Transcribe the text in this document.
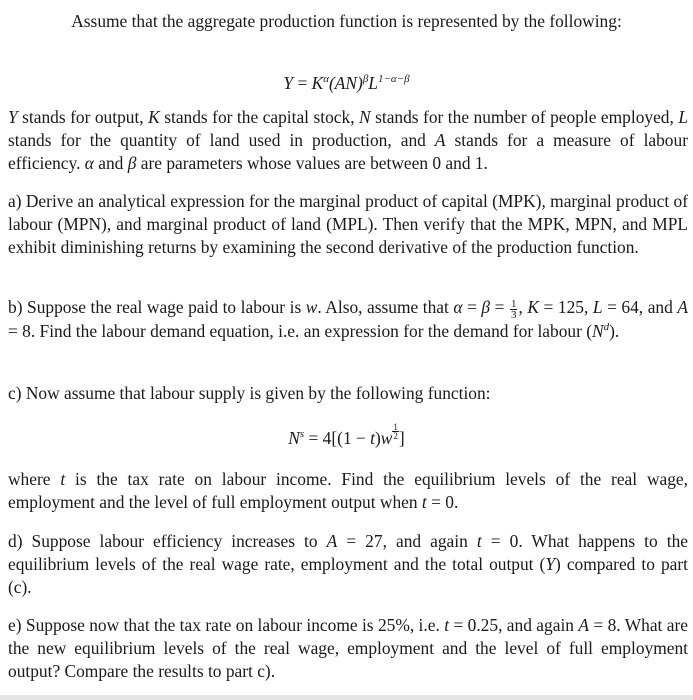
Assume that the aggregate production function is represented by the following:
$Y = K^\alpha(AN)^\beta L^{1-\alpha-\beta}$

Y stands for output, K stands for the capital stock, N stands for the number of people employed, L stands for the quantity of land used in production, and A stands for a measure of labour efficiency. α and β are parameters whose values are between 0 and 1.

a) Derive an analytical expression for the marginal product of capital (MPK), marginal product of labour (MPN), and marginal product of land (MPL). Then verify that the MPK, MPN, and MPL exhibit diminishing returns by examining the second derivative of the production function.

b) Suppose the real wage paid to labour is w. Also, assume that $\alpha = \beta = \frac{1}{3}$ , K = 125, L = 64, and A = 8. Find the labour demand equation, i.e. an expression for the demand for labour $(N^d)$.

c) Now assume that labour supply is given by the following function:

$N^s = 4[(1 - t)w \frac{1}{2}$ ]

where t is the tax rate on labour income. Find the equilibrium levels of the real wage, employment and the level of full employment output when t = 0.

d) Suppose labour efficiency increases to A = 27, and again t = 0. What happens to the equilibrium levels of the real wage rate, employment and the total output (Y) compared to part (c).

e) Suppose now that the tax rate on labour income is 25%, i.e. t = 0.25, and again A = 8. What are the new equilibrium levels of the real wage, employment and the level of full employment output? Compare the results to part c).
